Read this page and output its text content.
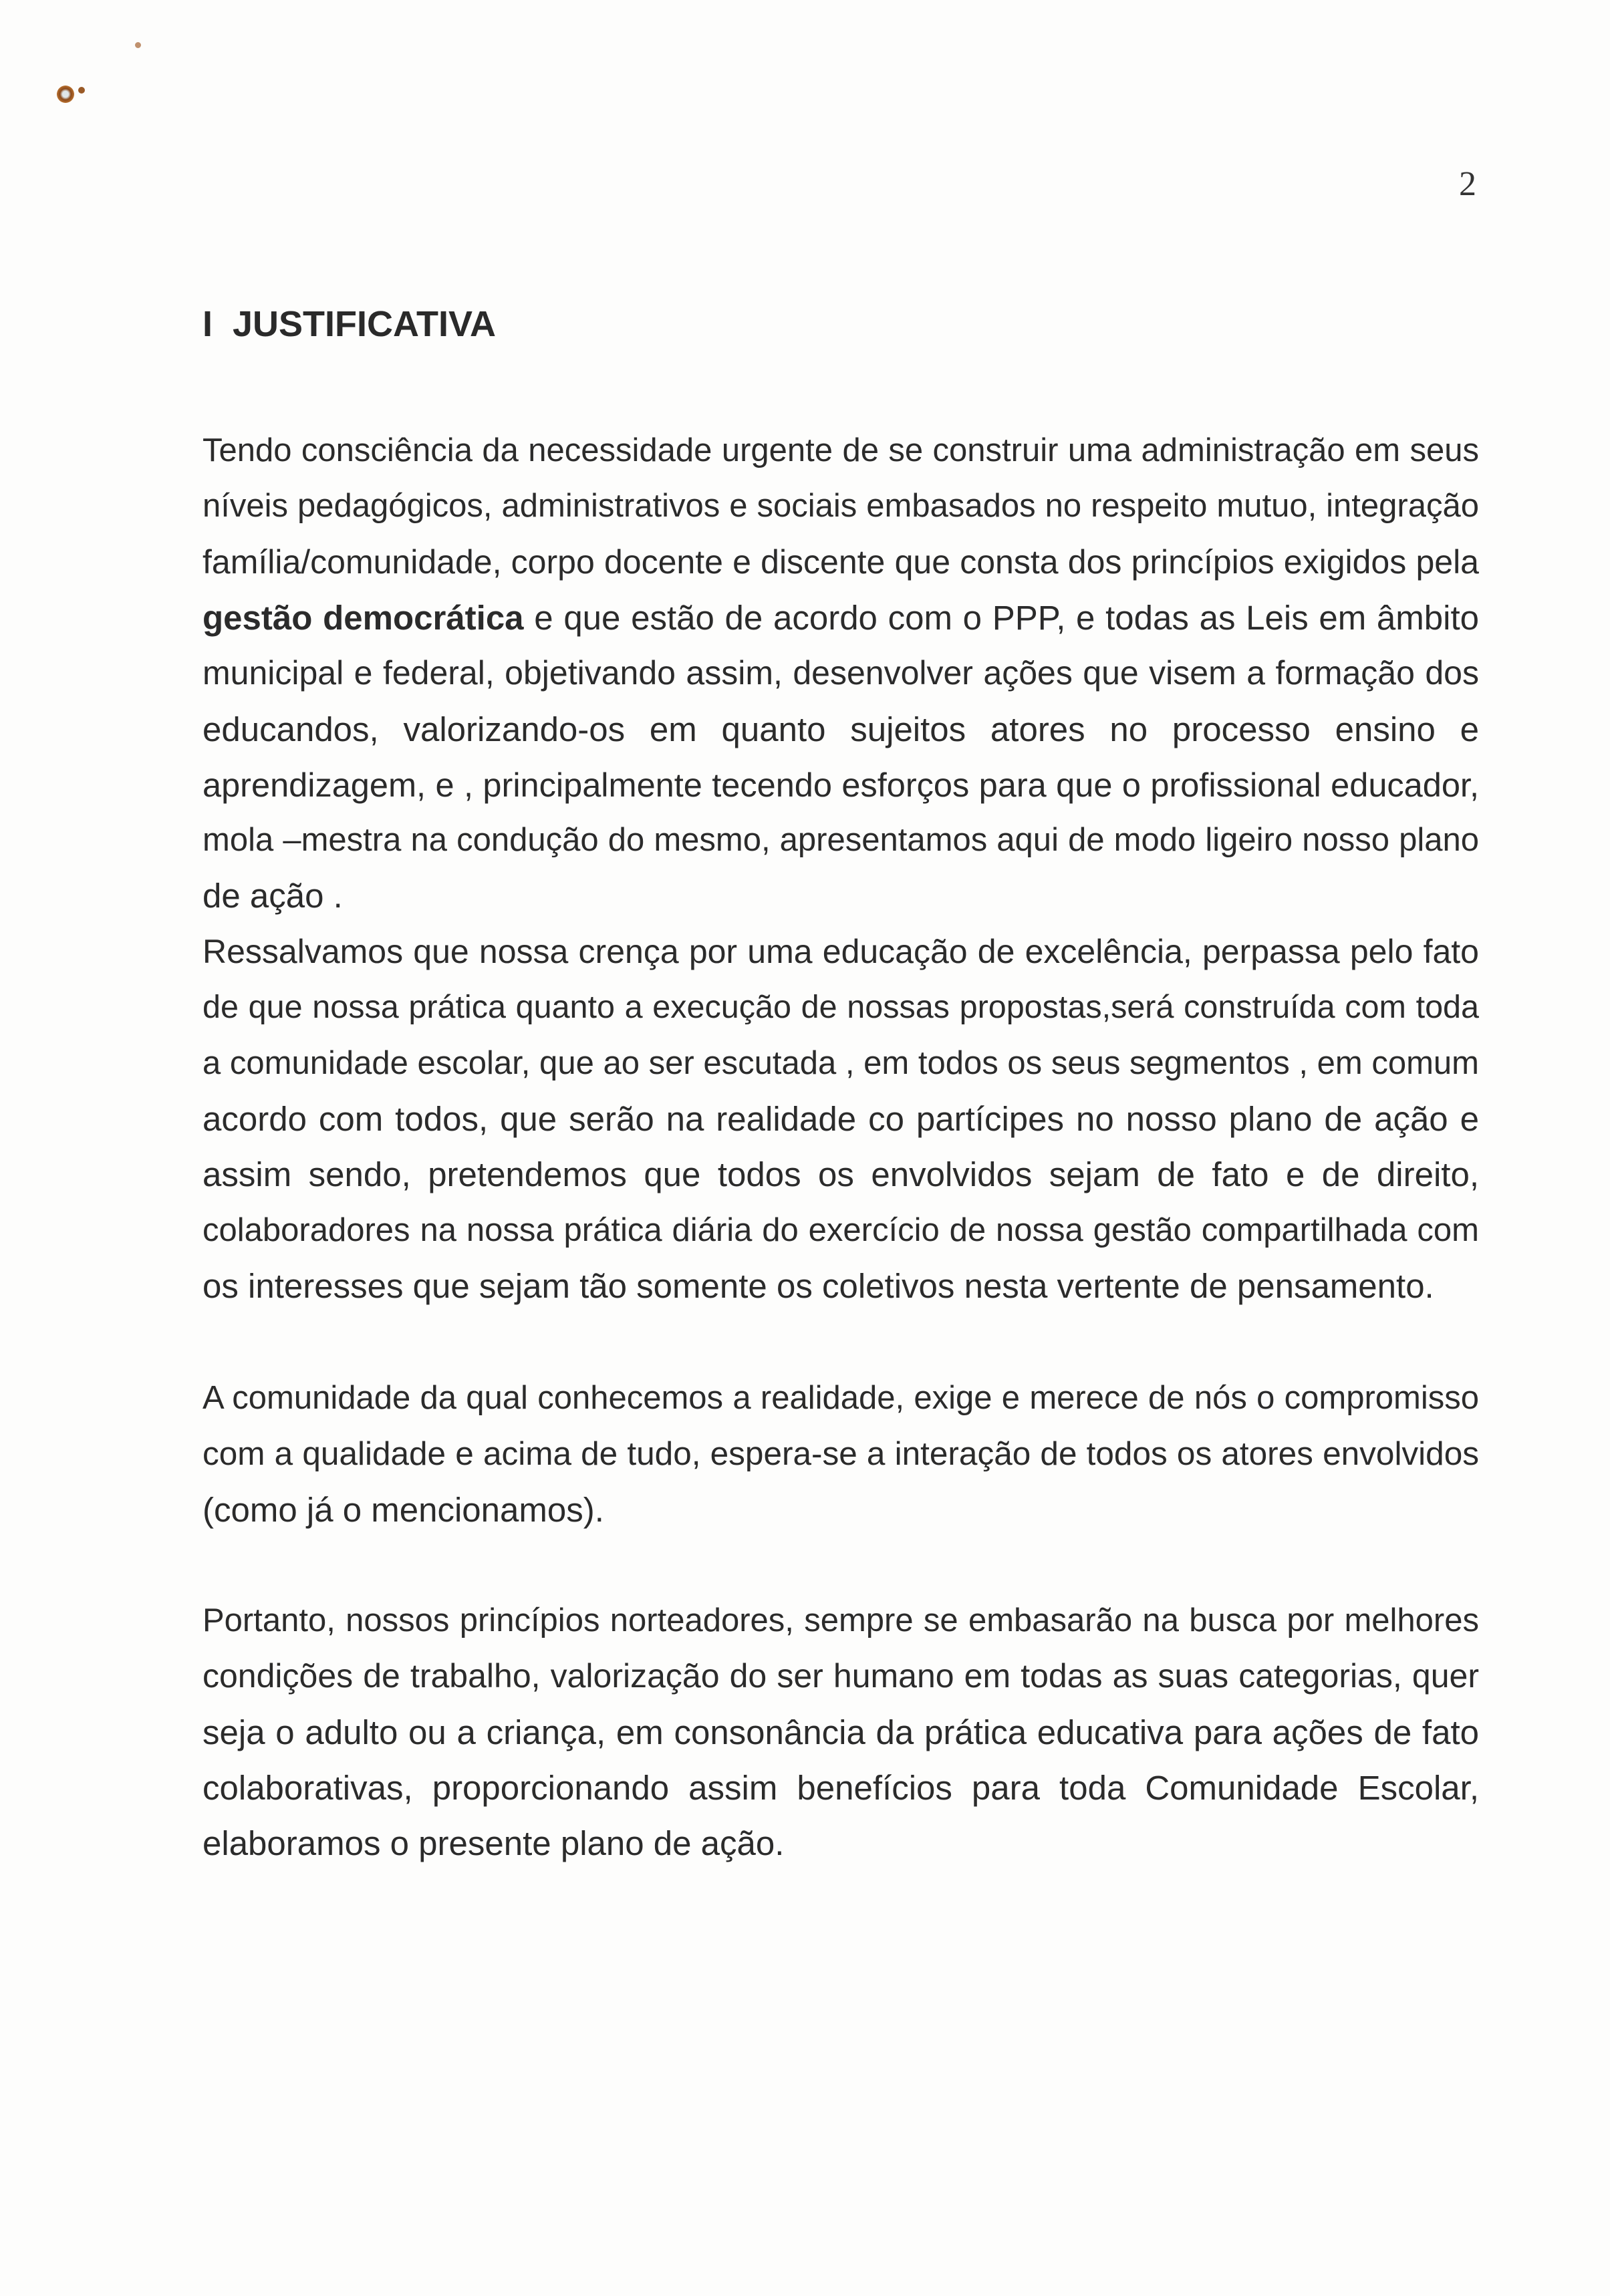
2
I  JUSTIFICATIVA
Tendo consciência da necessidade urgente de se construir uma administração em seus
níveis pedagógicos, administrativos e sociais embasados no respeito mutuo, integração
família/comunidade, corpo docente e discente que consta dos princípios exigidos pela
gestão democrática e que estão de acordo com o PPP, e todas as Leis em âmbito
municipal e federal, objetivando assim, desenvolver ações que visem a formação dos
educandos, valorizando-os em quanto sujeitos atores no processo ensino e
aprendizagem, e , principalmente tecendo esforços para que o profissional educador,
mola –mestra na condução do mesmo, apresentamos aqui de modo ligeiro nosso plano
de ação .
Ressalvamos que nossa crença por uma educação de excelência, perpassa pelo fato
de que nossa prática quanto a execução de nossas propostas,será construída com toda
a comunidade escolar, que ao ser escutada , em todos os seus segmentos , em comum
acordo com todos, que serão na realidade co partícipes no nosso plano de ação e
assim sendo, pretendemos que todos os envolvidos sejam de fato e de direito,
colaboradores na nossa prática diária do exercício de nossa gestão compartilhada com
os interesses que sejam tão somente os coletivos nesta vertente de pensamento.
A comunidade da qual conhecemos a realidade, exige e merece de nós o compromisso
com a qualidade e acima de tudo, espera-se a interação de todos os atores envolvidos
(como já o mencionamos).
Portanto, nossos princípios norteadores, sempre se embasarão na busca por melhores
condições de trabalho, valorização do ser humano em todas as suas categorias, quer
seja o adulto ou a criança, em consonância da prática educativa para ações de fato
colaborativas, proporcionando assim benefícios para toda Comunidade Escolar,
elaboramos o presente plano de ação.
